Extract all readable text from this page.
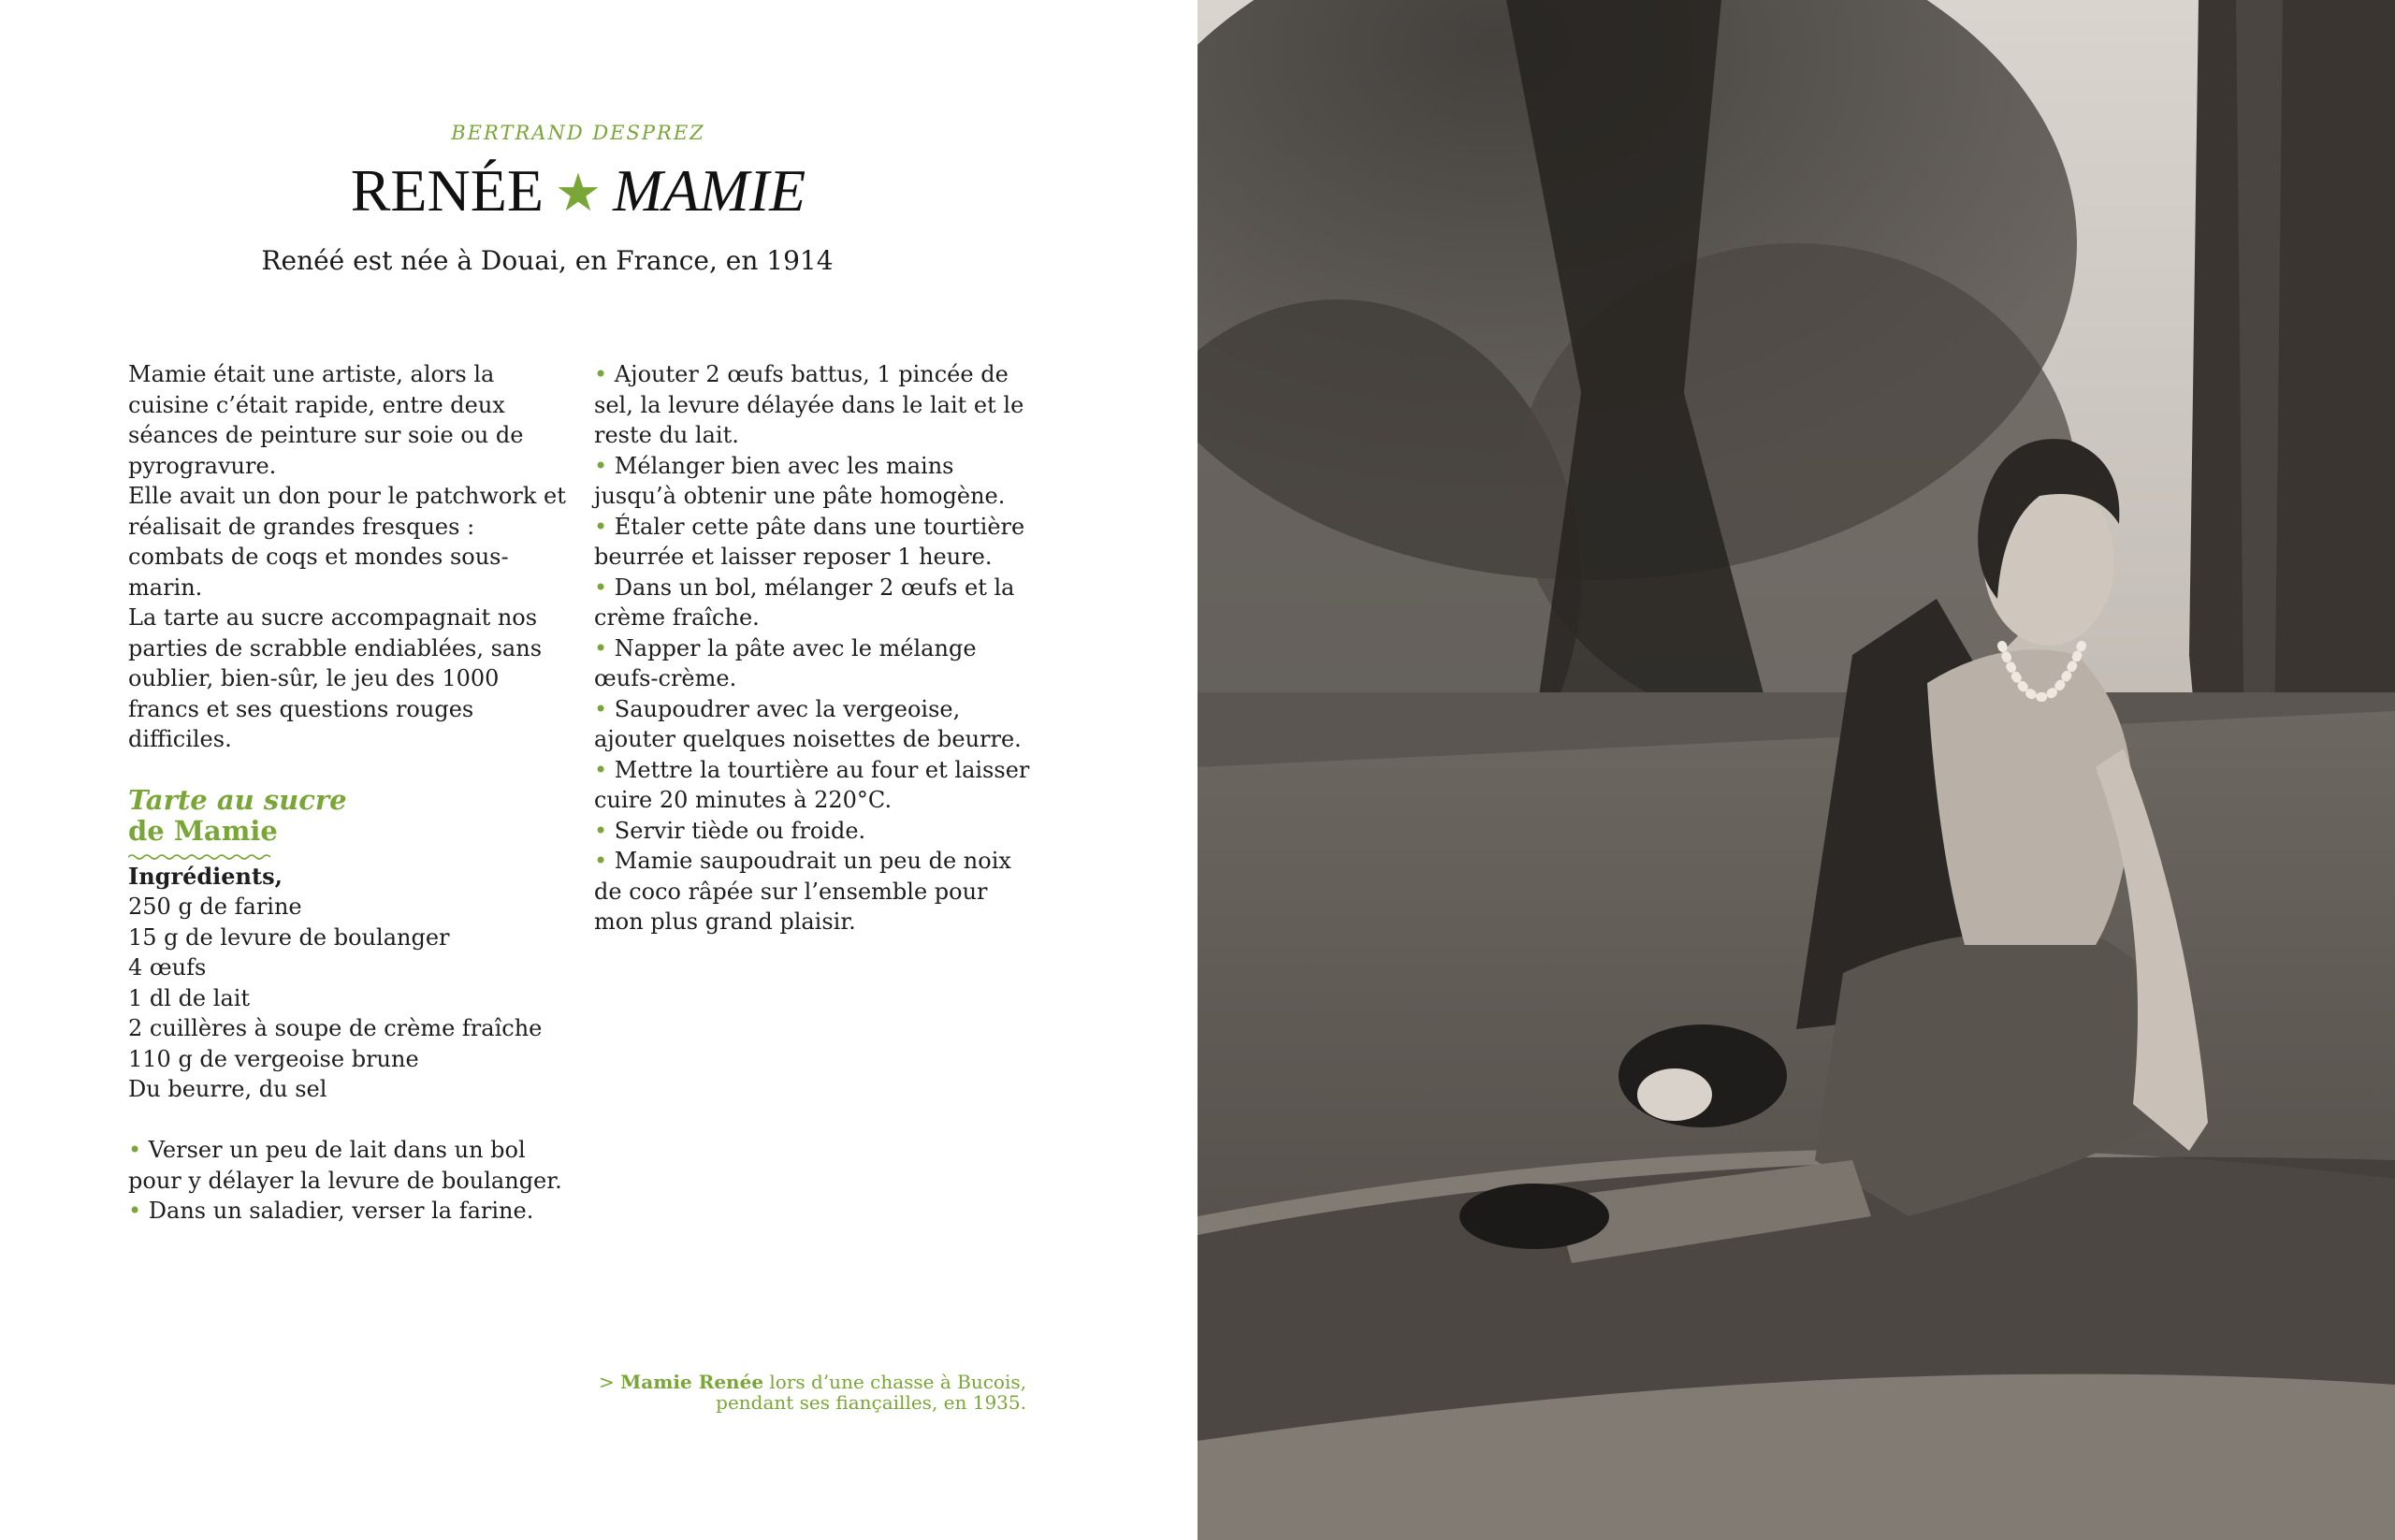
BERTRAND DESPREZ
RENÉE ★ MAMIE
Renéé est née à Douai, en France, en 1914

Mamie était une artiste, alors la cuisine c’était rapide, entre deux séances de peinture sur soie ou de pyrogravure.

Elle avait un don pour le patchwork et réalisait de grandes fresques : combats de coqs et mondes sous-marin.

La tarte au sucre accompagnait nos parties de scrabble endiablées, sans oublier, bien-sûr, le jeu des 1000 francs et ses questions rouges difficiles.

Tarte au sucre
de Mamie

Ingrédients,

250 g de farine

15 g de levure de boulanger

4 œufs

1 dl de lait

2 cuillères à soupe de crème fraîche

110 g de vergeoise brune

Du beurre, du sel

• Verser un peu de lait dans un bol pour y délayer la levure de boulanger.

• Dans un saladier, verser la farine.

• Ajouter 2 œufs battus, 1 pincée de sel, la levure délayée dans le lait et le reste du lait.

• Mélanger bien avec les mains jusqu’à obtenir une pâte homogène.

• Étaler cette pâte dans une tourtière beurrée et laisser reposer 1 heure.

• Dans un bol, mélanger 2 œufs et la crème fraîche.

• Napper la pâte avec le mélange œufs-crème.

• Saupoudrer avec la vergeoise, ajouter quelques noisettes de beurre.

• Mettre la tourtière au four et laisser cuire 20 minutes à 220°C.

• Servir tiède ou froide.

• Mamie saupoudrait un peu de noix de coco râpée sur l’ensemble pour mon plus grand plaisir.

> Mamie Renée lors d’une chasse à Bucois,
pendant ses fiançailles, en 1935.
